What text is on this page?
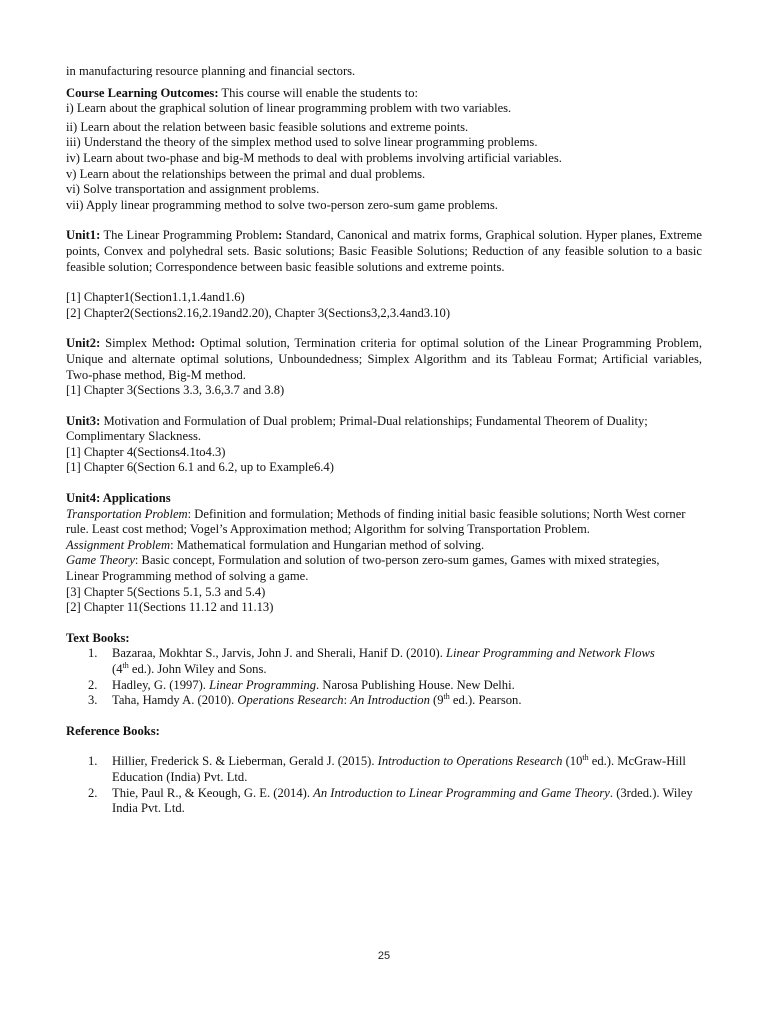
in manufacturing resource planning and financial sectors.
Course Learning Outcomes: This course will enable the students to:
i) Learn about the graphical solution of linear programming problem with two variables.
ii) Learn about the relation between basic feasible solutions and extreme points.
iii) Understand the theory of the simplex method used to solve linear programming problems.
iv) Learn about two-phase and big-M methods to deal with problems involving artificial variables.
v) Learn about the relationships between the primal and dual problems.
vi) Solve transportation and assignment problems.
vii) Apply linear programming method to solve two-person zero-sum game problems.
Unit1: The Linear Programming Problem: Standard, Canonical and matrix forms, Graphical solution. Hyper planes, Extreme points, Convex and polyhedral sets. Basic solutions; Basic Feasible Solutions; Reduction of any feasible solution to a basic feasible solution; Correspondence between basic feasible solutions and extreme points.
[1] Chapter1(Section1.1,1.4and1.6)
[2] Chapter2(Sections2.16,2.19and2.20), Chapter 3(Sections3,2,3.4and3.10)
Unit2: Simplex Method: Optimal solution, Termination criteria for optimal solution of the Linear Programming Problem, Unique and alternate optimal solutions, Unboundedness; Simplex Algorithm and its Tableau Format; Artificial variables, Two-phase method, Big-M method.
[1] Chapter 3(Sections 3.3, 3.6,3.7 and 3.8)
Unit3: Motivation and Formulation of Dual problem; Primal-Dual relationships; Fundamental Theorem of Duality; Complimentary Slackness.
[1] Chapter 4(Sections4.1to4.3)
[1] Chapter 6(Section 6.1 and 6.2, up to Example6.4)
Unit4: Applications
Transportation Problem: Definition and formulation; Methods of finding initial basic feasible solutions; North West corner rule. Least cost method; Vogel’s Approximation method; Algorithm for solving Transportation Problem.
Assignment Problem: Mathematical formulation and Hungarian method of solving.
Game Theory: Basic concept, Formulation and solution of two-person zero-sum games, Games with mixed strategies, Linear Programming method of solving a game.
[3] Chapter 5(Sections 5.1, 5.3 and 5.4)
[2] Chapter 11(Sections 11.12 and 11.13)
Text Books:
1. Bazaraa, Mokhtar S., Jarvis, John J. and Sherali, Hanif D. (2010). Linear Programming and Network Flows (4th ed.). John Wiley and Sons.
2. Hadley, G. (1997). Linear Programming. Narosa Publishing House. New Delhi.
3. Taha, Hamdy A. (2010). Operations Research: An Introduction (9th ed.). Pearson.
Reference Books:
1. Hillier, Frederick S. & Lieberman, Gerald J. (2015). Introduction to Operations Research (10th ed.). McGraw-Hill Education (India) Pvt. Ltd.
2. Thie, Paul R., & Keough, G. E. (2014). An Introduction to Linear Programming and Game Theory. (3rded.). Wiley India Pvt. Ltd.
25
